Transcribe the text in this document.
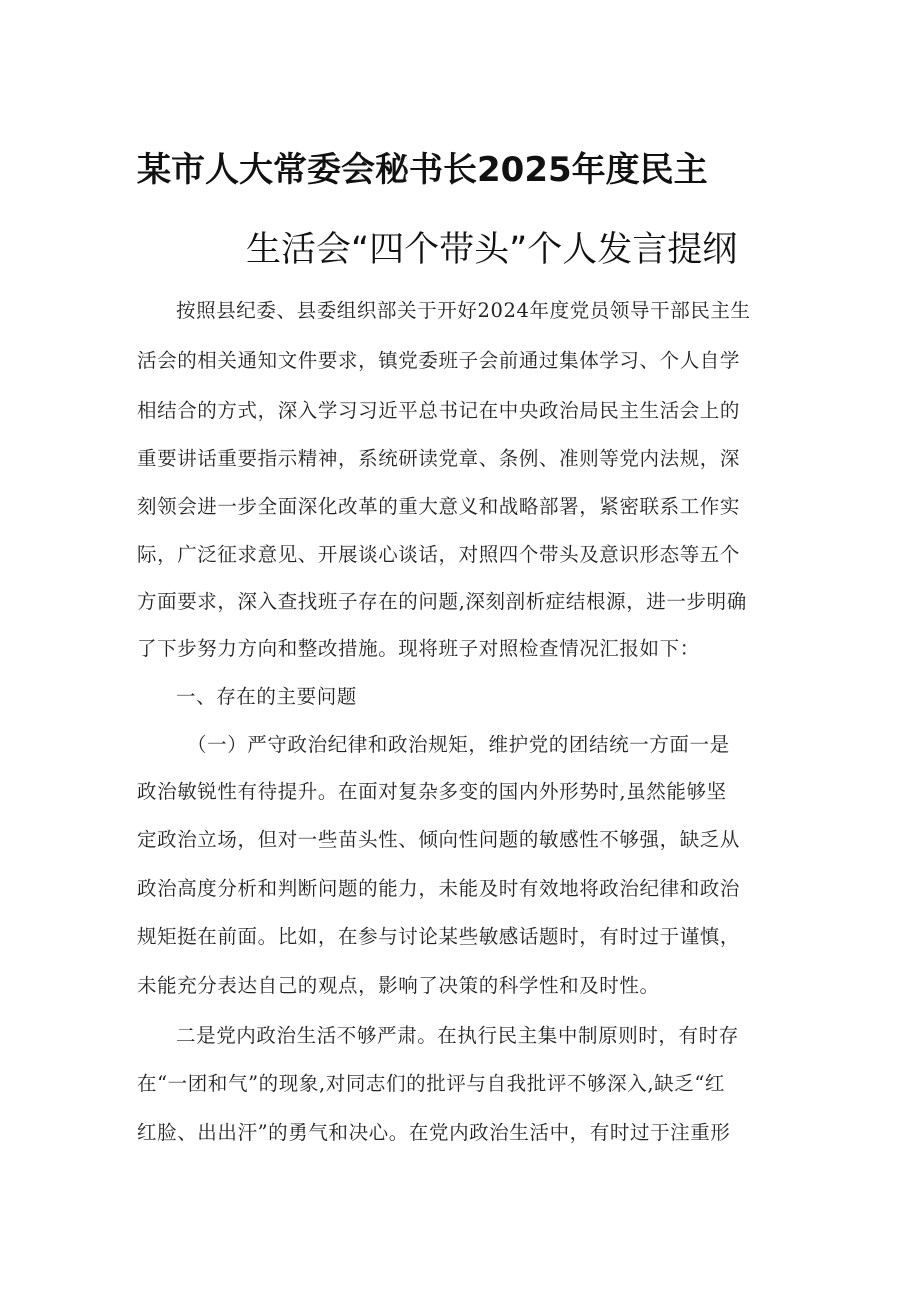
某市人大常委会秘书长2025年度民主
生活会“四个带头”个人发言提纲
按照县纪委、县委组织部关于开好2024年度党员领导干部民主生
活会的相关通知文件要求，镇党委班子会前通过集体学习、个人自学
相结合的方式，深入学习习近平总书记在中央政治局民主生活会上的
重要讲话重要指示精神，系统研读党章、条例、准则等党内法规，深
刻领会进一步全面深化改革的重大意义和战略部署，紧密联系工作实
际，广泛征求意见、开展谈心谈话，对照四个带头及意识形态等五个
方面要求，深入查找班子存在的问题,深刻剖析症结根源，进一步明确
了下步努力方向和整改措施。现将班子对照检查情况汇报如下：
一、存在的主要问题
（一）严守政治纪律和政治规矩，维护党的团结统一方面一是
政治敏锐性有待提升。在面对复杂多变的国内外形势时,虽然能够坚
定政治立场，但对一些苗头性、倾向性问题的敏感性不够强，缺乏从
政治高度分析和判断问题的能力，未能及时有效地将政治纪律和政治
规矩挺在前面。比如，在参与讨论某些敏感话题时，有时过于谨慎，
未能充分表达自己的观点，影响了决策的科学性和及时性。
二是党内政治生活不够严肃。在执行民主集中制原则时，有时存
在“一团和气”的现象,对同志们的批评与自我批评不够深入,缺乏“红
红脸、出出汗”的勇气和决心。在党内政治生活中，有时过于注重形
